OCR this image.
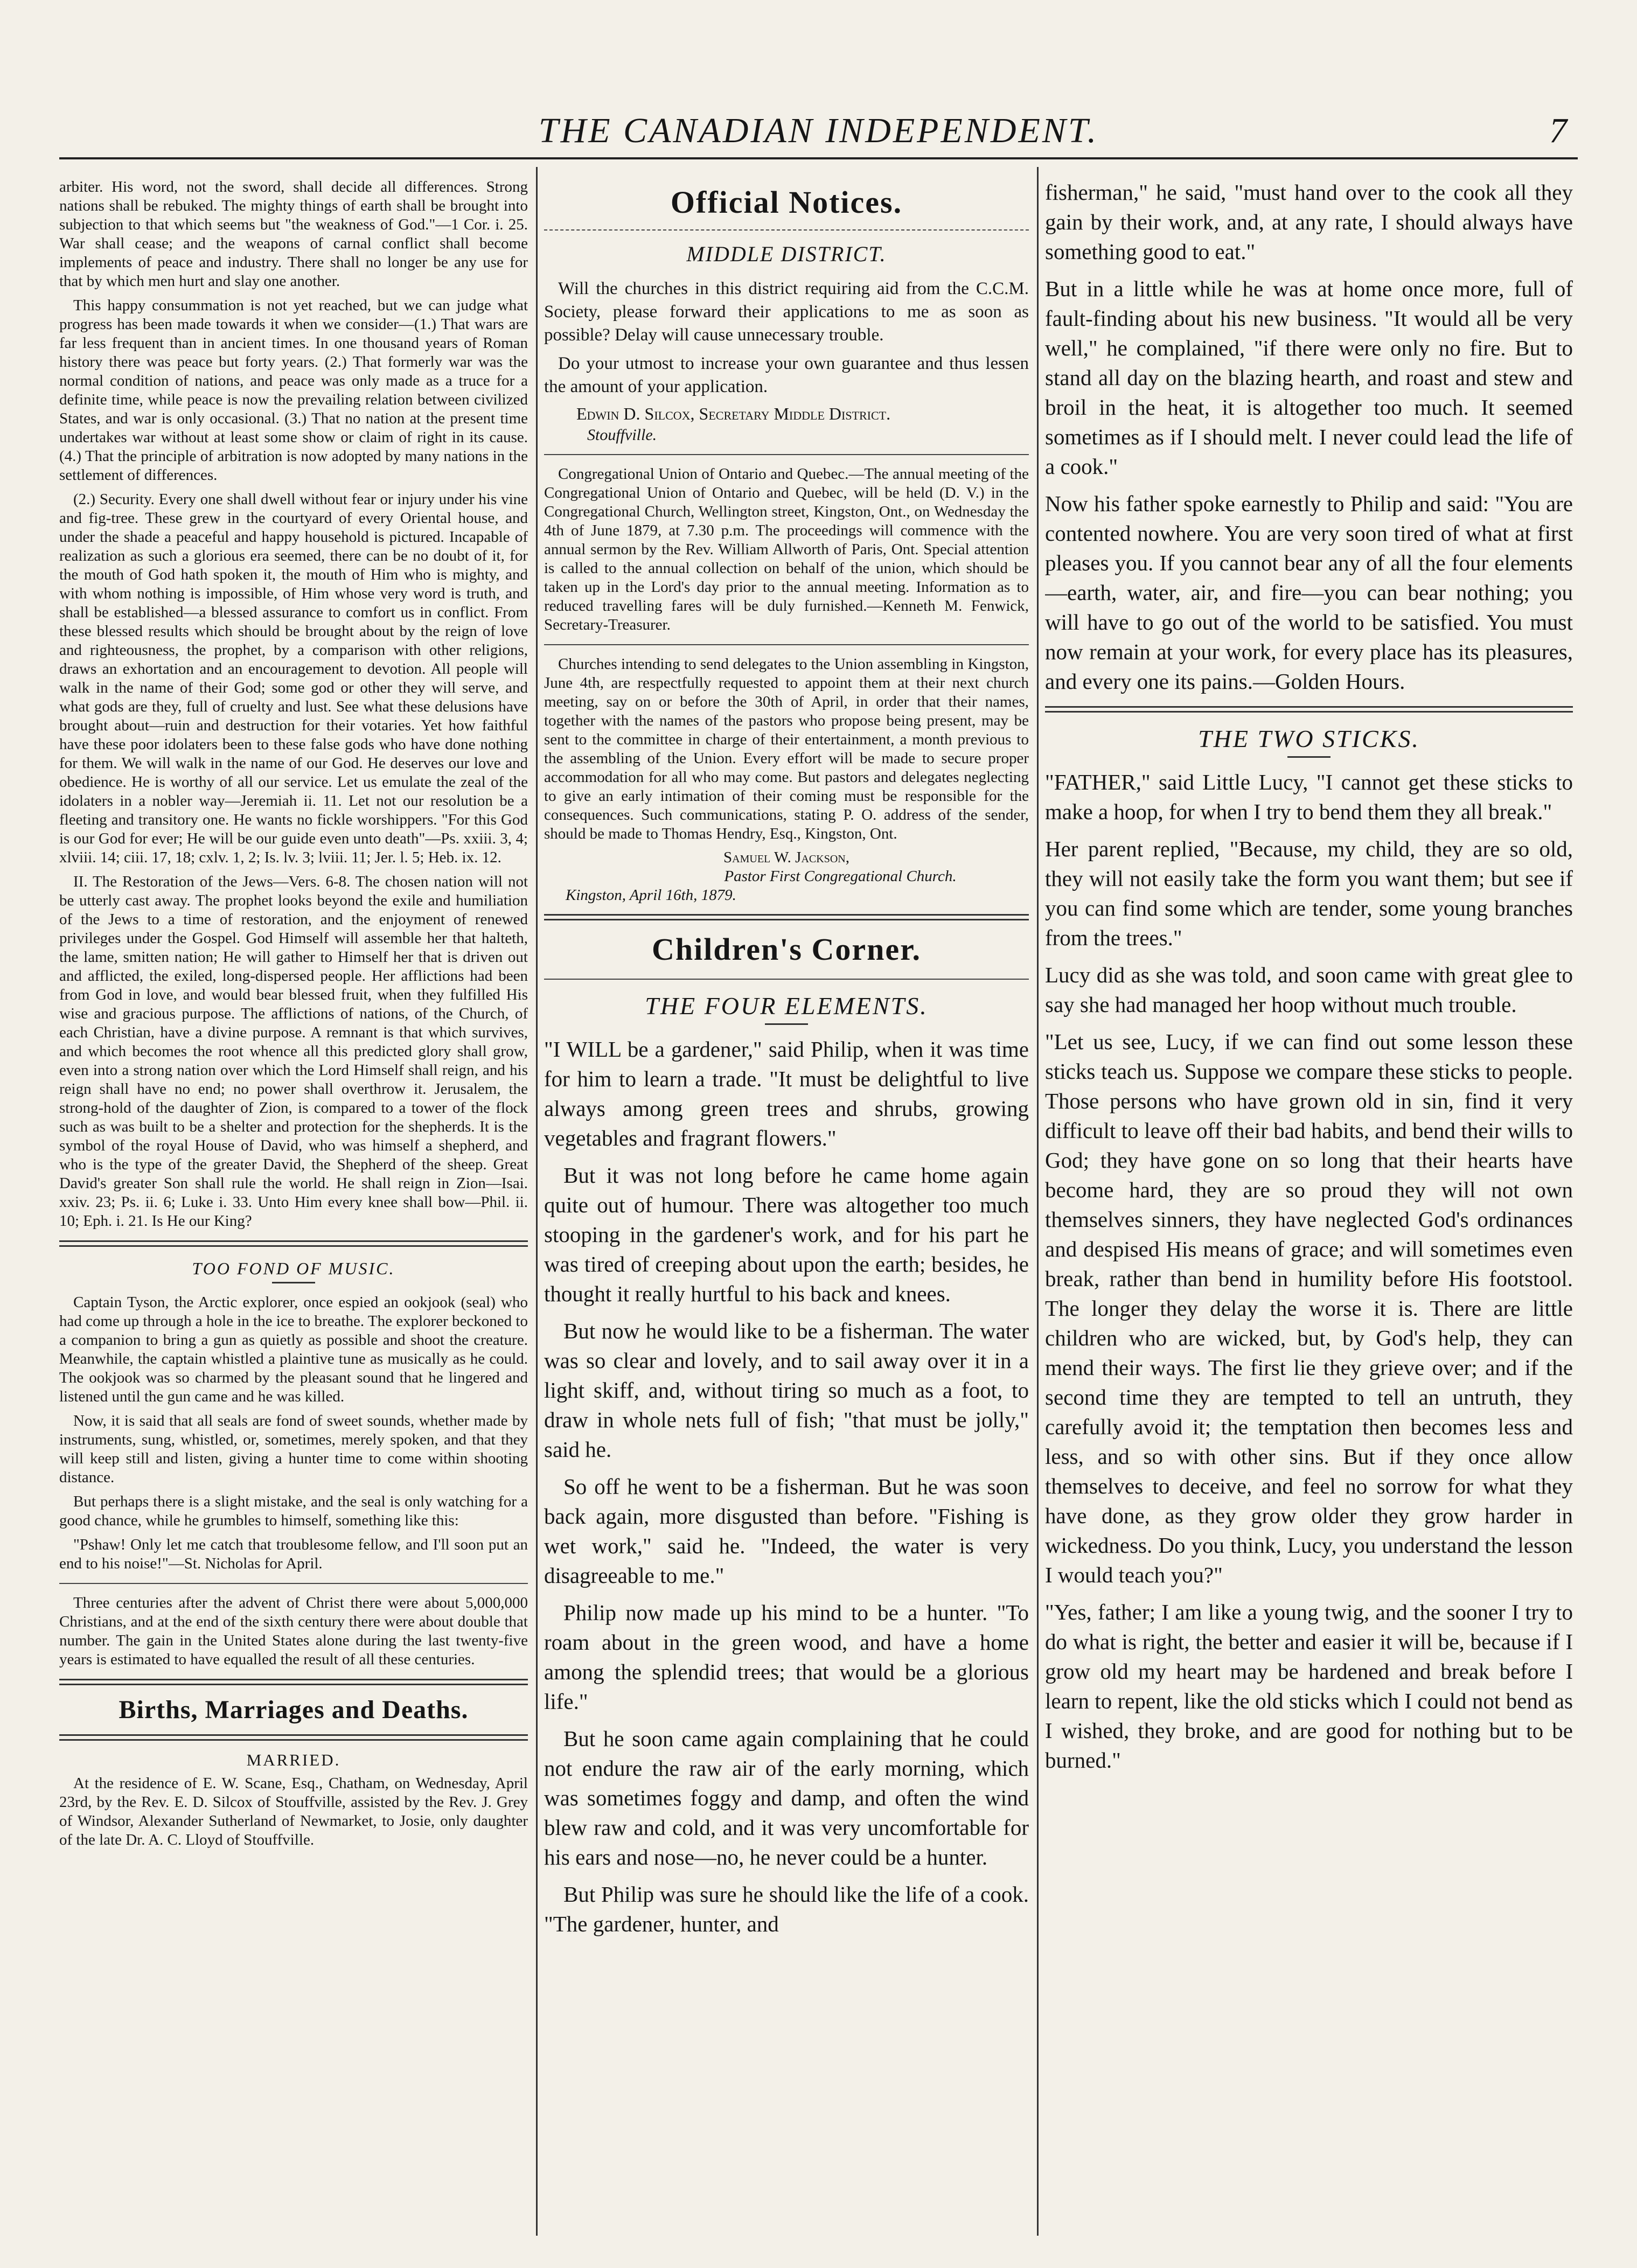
THE CANADIAN INDEPENDENT.	7

arbiter. His word, not the sword, shall decide all differences. Strong nations shall be rebuked. The mighty things of earth shall be brought into subjection to that which seems but "the weakness of God."—1 Cor. i. 25. War shall cease; and the weapons of carnal conflict shall become implements of peace and industry. There shall no longer be any use for that by which men hurt and slay one another.

This happy consummation is not yet reached, but we can judge what progress has been made towards it when we consider—(1.) That wars are far less frequent than in ancient times. In one thousand years of Roman history there was peace but forty years. (2.) That formerly war was the normal condition of nations, and peace was only made as a truce for a definite time, while peace is now the prevailing relation between civilized States, and war is only occasional. (3.) That no nation at the present time undertakes war without at least some show or claim of right in its cause. (4.) That the principle of arbitration is now adopted by many nations in the settlement of differences.

(2.) Security. Every one shall dwell without fear or injury under his vine and fig-tree. These grew in the courtyard of every Oriental house, and under the shade a peaceful and happy household is pictured. Incapable of realization as such a glorious era seemed, there can be no doubt of it, for the mouth of God hath spoken it, the mouth of Him who is mighty, and with whom nothing is impossible, of Him whose very word is truth, and shall be established—a blessed assurance to comfort us in conflict. From these blessed results which should be brought about by the reign of love and righteousness, the prophet, by a comparison with other religions, draws an exhortation and an encouragement to devotion. All people will walk in the name of their God; some god or other they will serve, and what gods are they, full of cruelty and lust. See what these delusions have brought about—ruin and destruction for their votaries. Yet how faithful have these poor idolaters been to these false gods who have done nothing for them. We will walk in the name of our God. He deserves our love and obedience. He is worthy of all our service. Let us emulate the zeal of the idolaters in a nobler way—Jeremiah ii. 11. Let not our resolution be a fleeting and transitory one. He wants no fickle worshippers. "For this God is our God for ever; He will be our guide even unto death"—Ps. xxiii. 3, 4; xlviii. 14; ciii. 17, 18; cxlv. 1, 2; Is. lv. 3; lviii. 11; Jer. l. 5; Heb. ix. 12.

II. The Restoration of the Jews—Vers. 6-8. The chosen nation will not be utterly cast away. The prophet looks beyond the exile and humiliation of the Jews to a time of restoration, and the enjoyment of renewed privileges under the Gospel. God Himself will assemble her that halteth, the lame, smitten nation; He will gather to Himself her that is driven out and afflicted, the exiled, long-dispersed people. Her afflictions had been from God in love, and would bear blessed fruit, when they fulfilled His wise and gracious purpose. The afflictions of nations, of the Church, of each Christian, have a divine purpose. A remnant is that which survives, and which becomes the root whence all this predicted glory shall grow, even into a strong nation over which the Lord Himself shall reign, and his reign shall have no end; no power shall overthrow it. Jerusalem, the strong-hold of the daughter of Zion, is compared to a tower of the flock such as was built to be a shelter and protection for the shepherds. It is the symbol of the royal House of David, who was himself a shepherd, and who is the type of the greater David, the Shepherd of the sheep. Great David's greater Son shall rule the world. He shall reign in Zion—Isai. xxiv. 23; Ps. ii. 6; Luke i. 33. Unto Him every knee shall bow—Phil. ii. 10; Eph. i. 21. Is He our King?

TOO FOND OF MUSIC.

Captain Tyson, the Arctic explorer, once espied an ookjook (seal) who had come up through a hole in the ice to breathe. The explorer beckoned to a companion to bring a gun as quietly as possible and shoot the creature. Meanwhile, the captain whistled a plaintive tune as musically as he could. The ookjook was so charmed by the pleasant sound that he lingered and listened until the gun came and he was killed.

Now, it is said that all seals are fond of sweet sounds, whether made by instruments, sung, whistled, or, sometimes, merely spoken, and that they will keep still and listen, giving a hunter time to come within shooting distance.

But perhaps there is a slight mistake, and the seal is only watching for a good chance, while he grumbles to himself, something like this:

"Pshaw! Only let me catch that troublesome fellow, and I'll soon put an end to his noise!"—St. Nicholas for April.

Three centuries after the advent of Christ there were about 5,000,000 Christians, and at the end of the sixth century there were about double that number. The gain in the United States alone during the last twenty-five years is estimated to have equalled the result of all these centuries.

Births, Marriages and Deaths.
MARRIED.

At the residence of E. W. Scane, Esq., Chatham, on Wednesday, April 23rd, by the Rev. E. D. Silcox of Stouffville, assisted by the Rev. J. Grey of Windsor, Alexander Sutherland of Newmarket, to Josie, only daughter of the late Dr. A. C. Lloyd of Stouffville.

Official Notices.
MIDDLE DISTRICT.

Will the churches in this district requiring aid from the C.C.M. Society, please forward their applications to me as soon as possible? Delay will cause unnecessary trouble.

Do your utmost to increase your own guarantee and thus lessen the amount of your application.

Edwin D. Silcox, Secretary Middle District.
Stouffville.

Congregational Union of Ontario and Quebec.—The annual meeting of the Congregational Union of Ontario and Quebec, will be held (D. V.) in the Congregational Church, Wellington street, Kingston, Ont., on Wednesday the 4th of June 1879, at 7.30 p.m. The proceedings will commence with the annual sermon by the Rev. William Allworth of Paris, Ont. Special attention is called to the annual collection on behalf of the union, which should be taken up in the Lord's day prior to the annual meeting. Information as to reduced travelling fares will be duly furnished.—Kenneth M. Fenwick, Secretary-Treasurer.

Churches intending to send delegates to the Union assembling in Kingston, June 4th, are respectfully requested to appoint them at their next church meeting, say on or before the 30th of April, in order that their names, together with the names of the pastors who propose being present, may be sent to the committee in charge of their entertainment, a month previous to the assembling of the Union. Every effort will be made to secure proper accommodation for all who may come. But pastors and delegates neglecting to give an early intimation of their coming must be responsible for the consequences. Such communications, stating P. O. address of the sender, should be made to Thomas Hendry, Esq., Kingston, Ont.

Samuel W. Jackson,
Pastor First Congregational Church.
Kingston, April 16th, 1879.
Children's Corner.
THE FOUR ELEMENTS.

"I WILL be a gardener," said Philip, when it was time for him to learn a trade. "It must be delightful to live always among green trees and shrubs, growing vegetables and fragrant flowers."

But it was not long before he came home again quite out of humour. There was altogether too much stooping in the gardener's work, and for his part he was tired of creeping about upon the earth; besides, he thought it really hurtful to his back and knees.

But now he would like to be a fisherman. The water was so clear and lovely, and to sail away over it in a light skiff, and, without tiring so much as a foot, to draw in whole nets full of fish; "that must be jolly," said he.

So off he went to be a fisherman. But he was soon back again, more disgusted than before. "Fishing is wet work," said he. "Indeed, the water is very disagreeable to me."

Philip now made up his mind to be a hunter. "To roam about in the green wood, and have a home among the splendid trees; that would be a glorious life."

But he soon came again complaining that he could not endure the raw air of the early morning, which was sometimes foggy and damp, and often the wind blew raw and cold, and it was very uncomfortable for his ears and nose—no, he never could be a hunter.

But Philip was sure he should like the life of a cook. "The gardener, hunter, and

fisherman," he said, "must hand over to the cook all they gain by their work, and, at any rate, I should always have something good to eat."

But in a little while he was at home once more, full of fault-finding about his new business. "It would all be very well," he complained, "if there were only no fire. But to stand all day on the blazing hearth, and roast and stew and broil in the heat, it is altogether too much. It seemed sometimes as if I should melt. I never could lead the life of a cook."

Now his father spoke earnestly to Philip and said: "You are contented nowhere. You are very soon tired of what at first pleases you. If you cannot bear any of all the four elements—earth, water, air, and fire—you can bear nothing; you will have to go out of the world to be satisfied. You must now remain at your work, for every place has its pleasures, and every one its pains.—Golden Hours.

THE TWO STICKS.

"FATHER," said Little Lucy, "I cannot get these sticks to make a hoop, for when I try to bend them they all break."

Her parent replied, "Because, my child, they are so old, they will not easily take the form you want them; but see if you can find some which are tender, some young branches from the trees."

Lucy did as she was told, and soon came with great glee to say she had managed her hoop without much trouble.

"Let us see, Lucy, if we can find out some lesson these sticks teach us. Suppose we compare these sticks to people. Those persons who have grown old in sin, find it very difficult to leave off their bad habits, and bend their wills to God; they have gone on so long that their hearts have become hard, they are so proud they will not own themselves sinners, they have neglected God's ordinances and despised His means of grace; and will sometimes even break, rather than bend in humility before His footstool. The longer they delay the worse it is. There are little children who are wicked, but, by God's help, they can mend their ways. The first lie they grieve over; and if the second time they are tempted to tell an untruth, they carefully avoid it; the temptation then becomes less and less, and so with other sins. But if they once allow themselves to deceive, and feel no sorrow for what they have done, as they grow older they grow harder in wickedness. Do you think, Lucy, you understand the lesson I would teach you?"

"Yes, father; I am like a young twig, and the sooner I try to do what is right, the better and easier it will be, because if I grow old my heart may be hardened and break before I learn to repent, like the old sticks which I could not bend as I wished, they broke, and are good for nothing but to be burned."
